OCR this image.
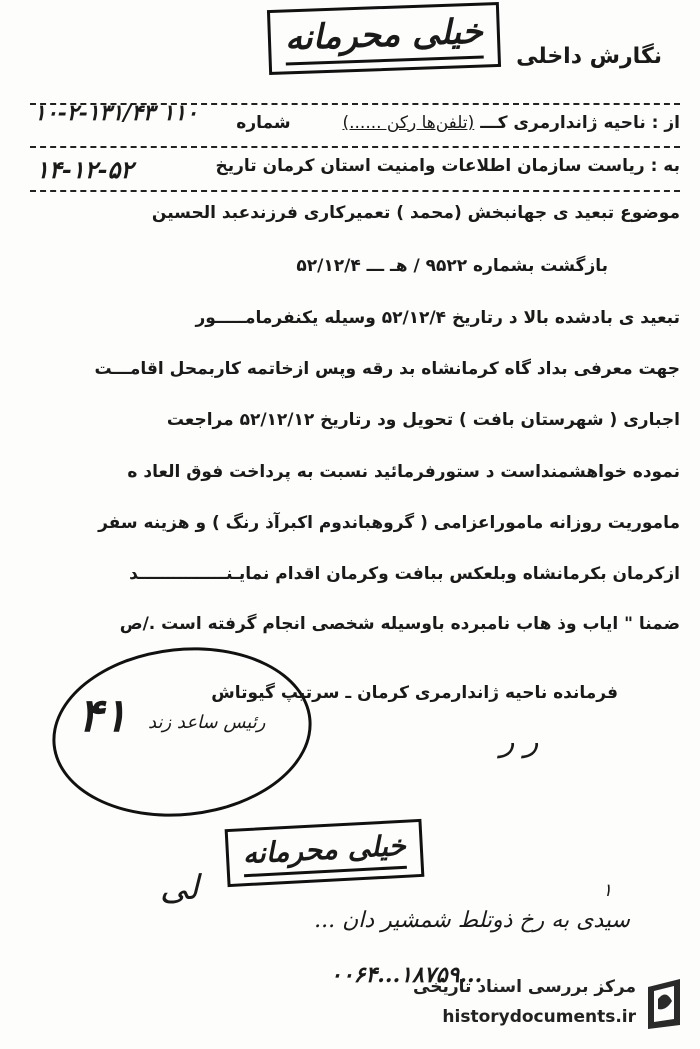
نگارش داخلی
خیلی محرمانه
از : ناحیه ژاندارمری کـــ (تلفن‌ها رکن ......)  شماره
۱۰-۲-۱۳۱/۴۳ ۱۱۰
به : ریاست سازمان اطلاعات وامنیت استان کرمان تاریخ
۱۴-۱۲-۵۲
موضوع تبعید ی جهانبخش (محمد ) تعمیرکاری فرزندعبد الحسین
بازگشت بشماره ۹۵۲۲ / هـ ـــ ۵۲/۱۲/۴
تبعید ی بادشده بالا د رتاریخ ۵۲/۱۲/۴ وسیله یکنفرمامـــــور
جهت معرفی بداد گاه کرمانشاه بد رقه وپس ازخاتمه کاربمحل اقامـــت
اجباری ( شهرستان بافت ) تحویل ود رتاریخ ۵۲/۱۲/۱۲ مراجعت
نموده خواهشمنداست د ستورفرمائید نسبت به پرداخت فوق العاد ه
ماموریت روزانه ماموراعزامی ( گروهباندوم اکبرآذ رنگ ) و هزینه سفر
ازکرمان بکرمانشاه وبلعکس ببافت وکرمان اقدام نمایـنـــــــــــــــد
ضمنا " ایاب وذ هاب نامبرده باوسیله شخصی انجام گرفته است ./ص
فرمانده ناحیه ژاندارمری کرمان ـ سرتیپ گیوتاش
رئیس ساعد زند
۴۱	ر ر
خیلی محرمانه
۱
سیدی به رخ ذوتلط شمشیر دان ...
لی
۰۰۶۴...۱۸۷۵۹...
مرکز بررسی اسناد تاریخی
historydocuments.ir
